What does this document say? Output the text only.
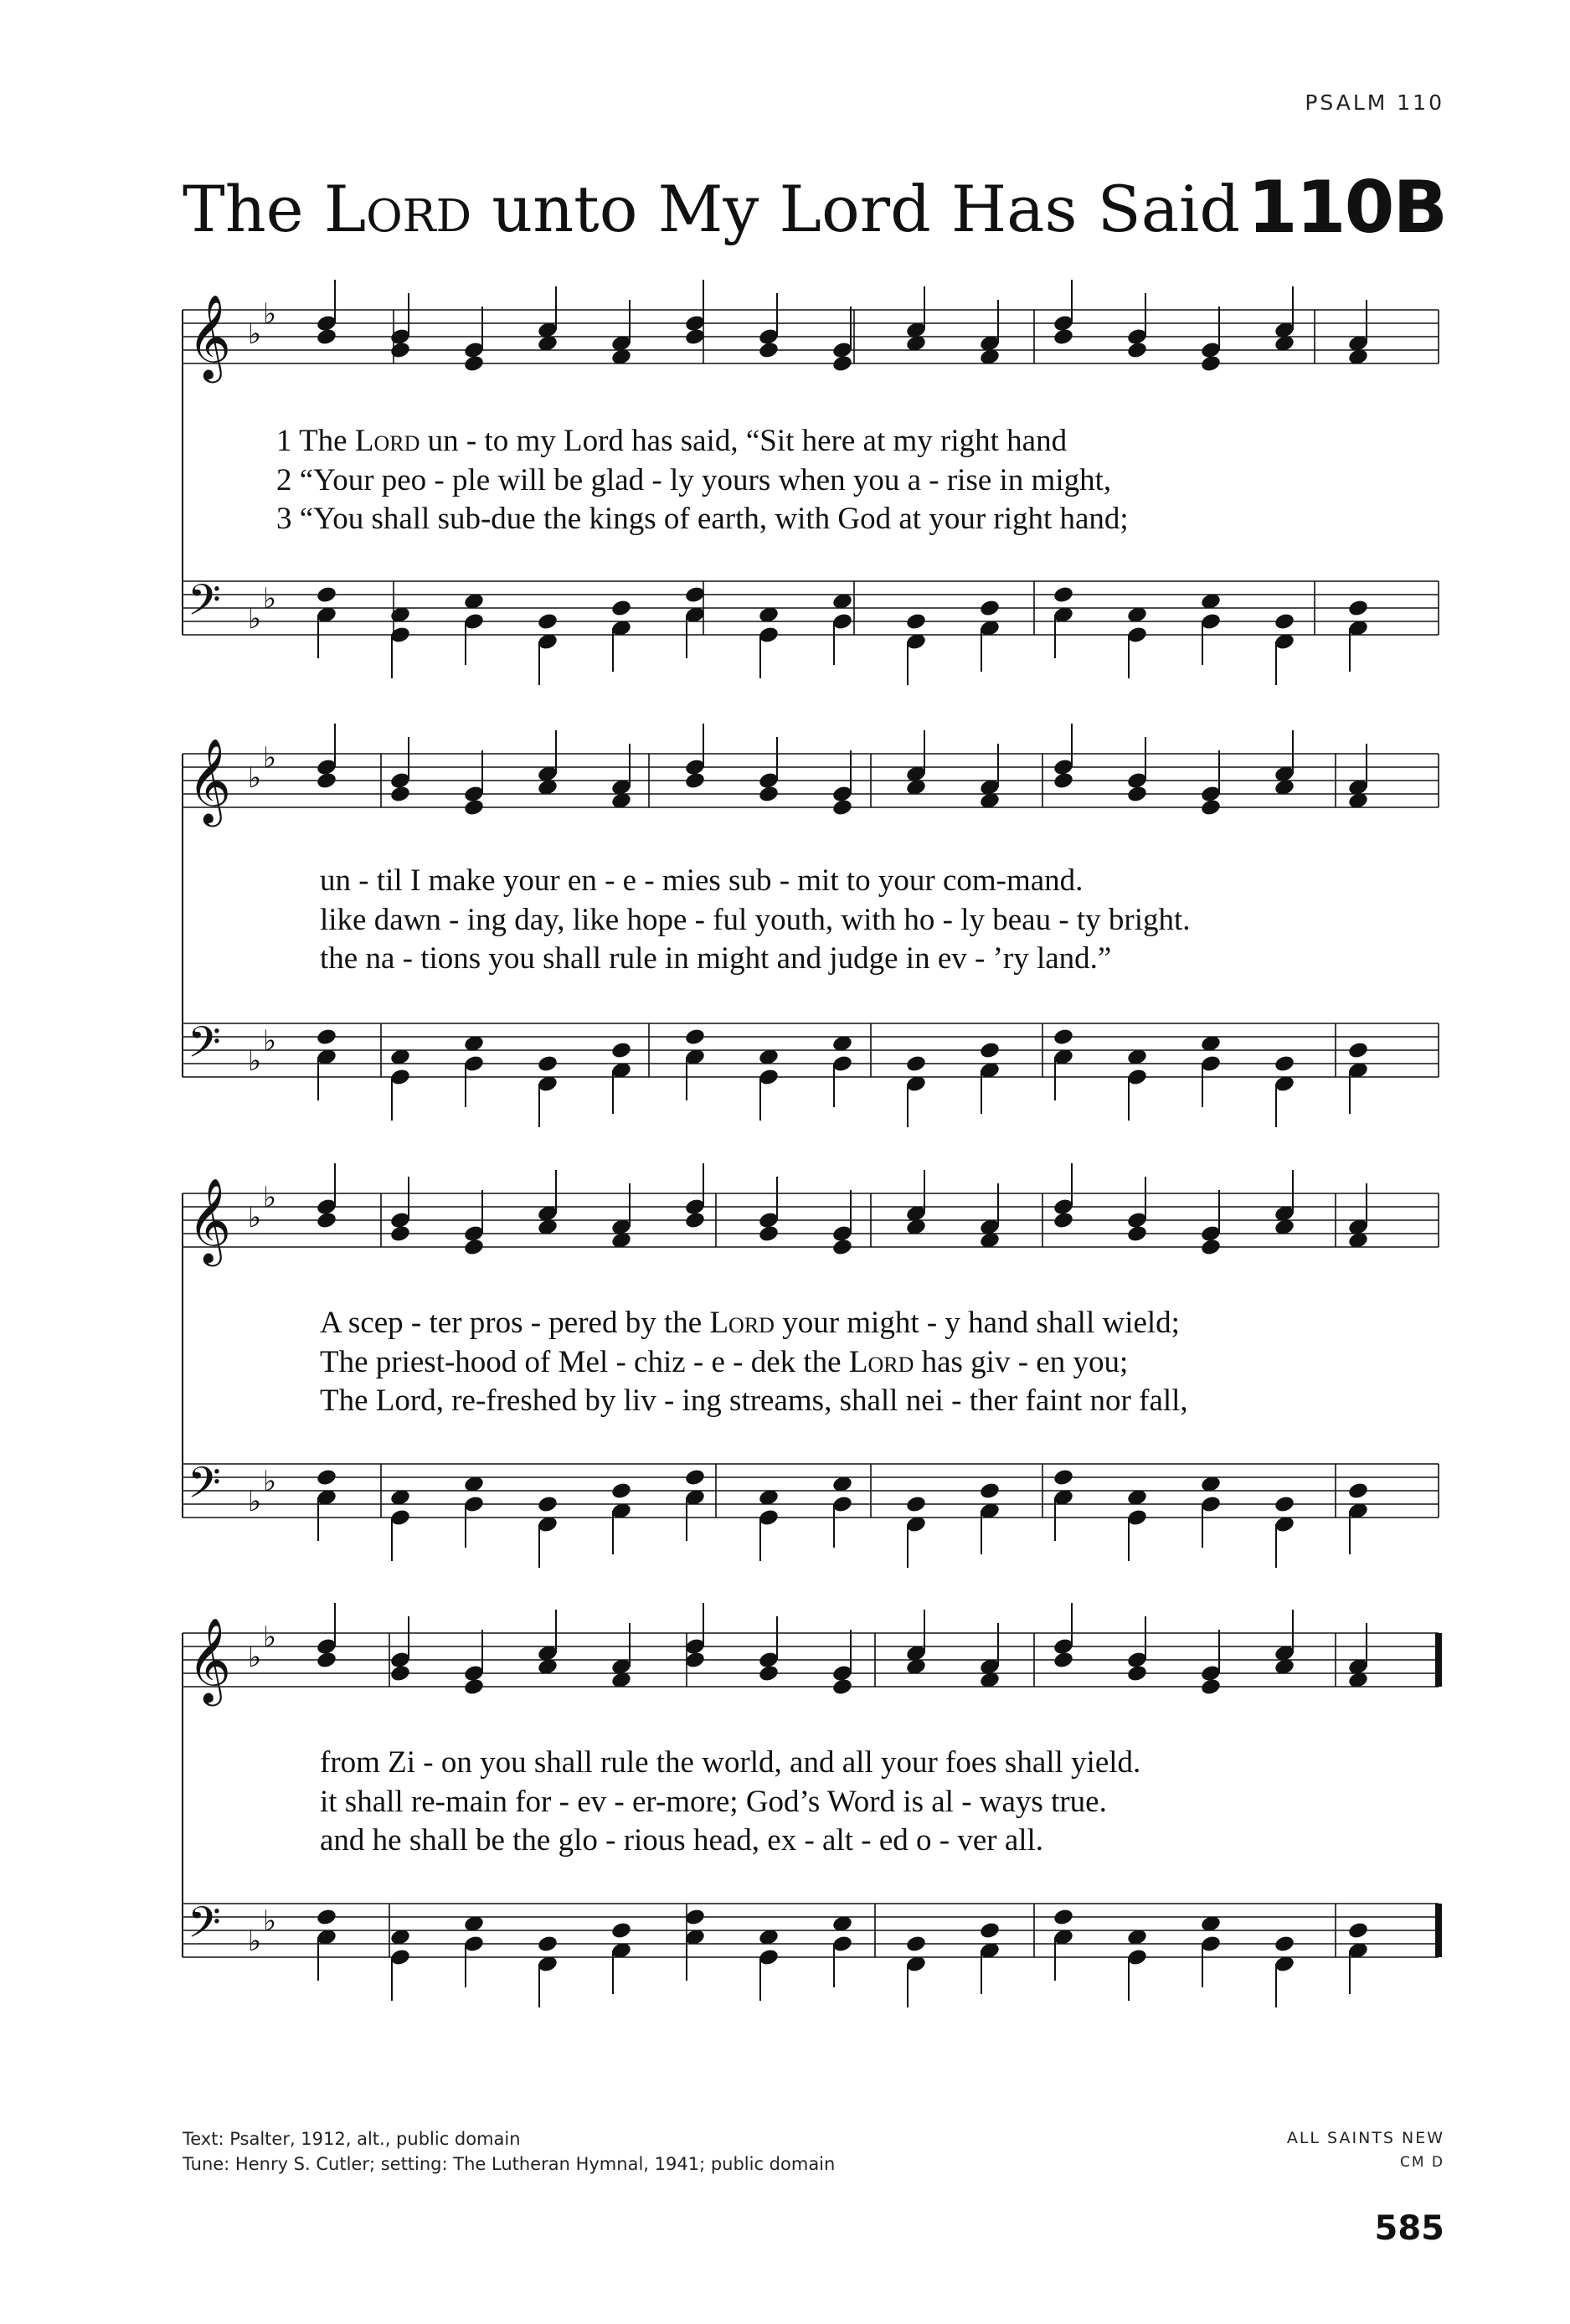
PSALM 110
The Lord unto My Lord Has Said 110B
𝄞 ♭
♭
𝄢 ♭
♭
𝄞 ♭
♭
𝄢 ♭
♭
𝄞 ♭
♭
𝄢 ♭
♭
𝄞 ♭
♭
𝄢 ♭
♭
1 The Lord un - to my Lord has said, “Sit here at my right hand
2 “Your peo - ple will be glad - ly yours when you a - rise in might,
3 “You shall sub-due the kings of earth, with God at your right hand;
un - til I make your en - e - mies sub - mit to your com-mand.
like dawn - ing day, like hope - ful youth, with ho - ly beau - ty bright.
the na - tions you shall rule in might and judge in ev - ’ry land.”
A scep - ter pros - pered by the Lord your might - y hand shall wield;
The priest-hood of Mel - chiz - e - dek the Lord has giv - en you;
The Lord, re-freshed by liv - ing streams, shall nei - ther faint nor fall,
from Zi - on you shall rule the world, and all your foes shall yield.
it shall re-main for - ev - er-more; God’s Word is al - ways true.
and he shall be the glo - rious head, ex - alt - ed o - ver all.
Text: Psalter, 1912, alt., public domain
Tune: Henry S. Cutler; setting: The Lutheran Hymnal, 1941; public domain
ALL SAINTS NEW
CM D
585
